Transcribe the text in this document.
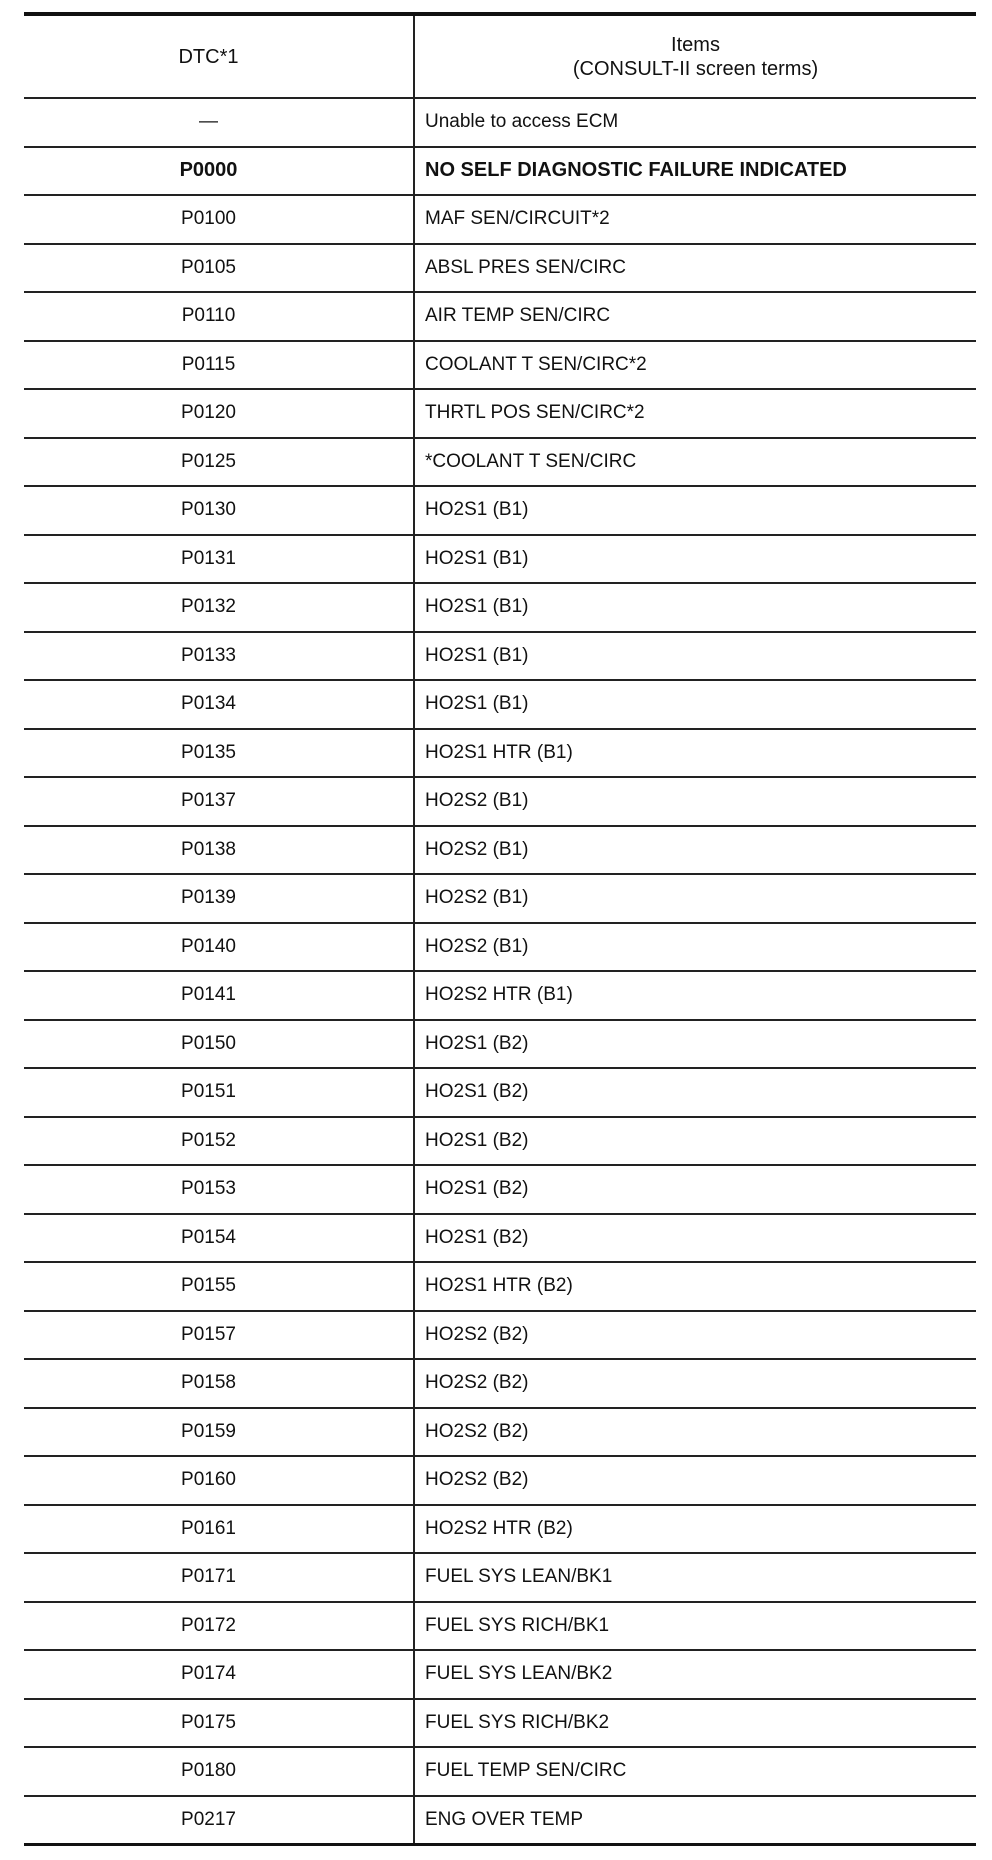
DTC*1	Items
(CONSULT-II screen terms)

—	Unable to access ECM
P0000	NO SELF DIAGNOSTIC FAILURE INDICATED
P0100	MAF SEN/CIRCUIT*2
P0105	ABSL PRES SEN/CIRC
P0110	AIR TEMP SEN/CIRC
P0115	COOLANT T SEN/CIRC*2
P0120	THRTL POS SEN/CIRC*2
P0125	*COOLANT T SEN/CIRC
P0130	HO2S1 (B1)
P0131	HO2S1 (B1)
P0132	HO2S1 (B1)
P0133	HO2S1 (B1)
P0134	HO2S1 (B1)
P0135	HO2S1 HTR (B1)
P0137	HO2S2 (B1)
P0138	HO2S2 (B1)
P0139	HO2S2 (B1)
P0140	HO2S2 (B1)
P0141	HO2S2 HTR (B1)
P0150	HO2S1 (B2)
P0151	HO2S1 (B2)
P0152	HO2S1 (B2)
P0153	HO2S1 (B2)
P0154	HO2S1 (B2)
P0155	HO2S1 HTR (B2)
P0157	HO2S2 (B2)
P0158	HO2S2 (B2)
P0159	HO2S2 (B2)
P0160	HO2S2 (B2)
P0161	HO2S2 HTR (B2)
P0171	FUEL SYS LEAN/BK1
P0172	FUEL SYS RICH/BK1
P0174	FUEL SYS LEAN/BK2
P0175	FUEL SYS RICH/BK2
P0180	FUEL TEMP SEN/CIRC
P0217	ENG OVER TEMP
